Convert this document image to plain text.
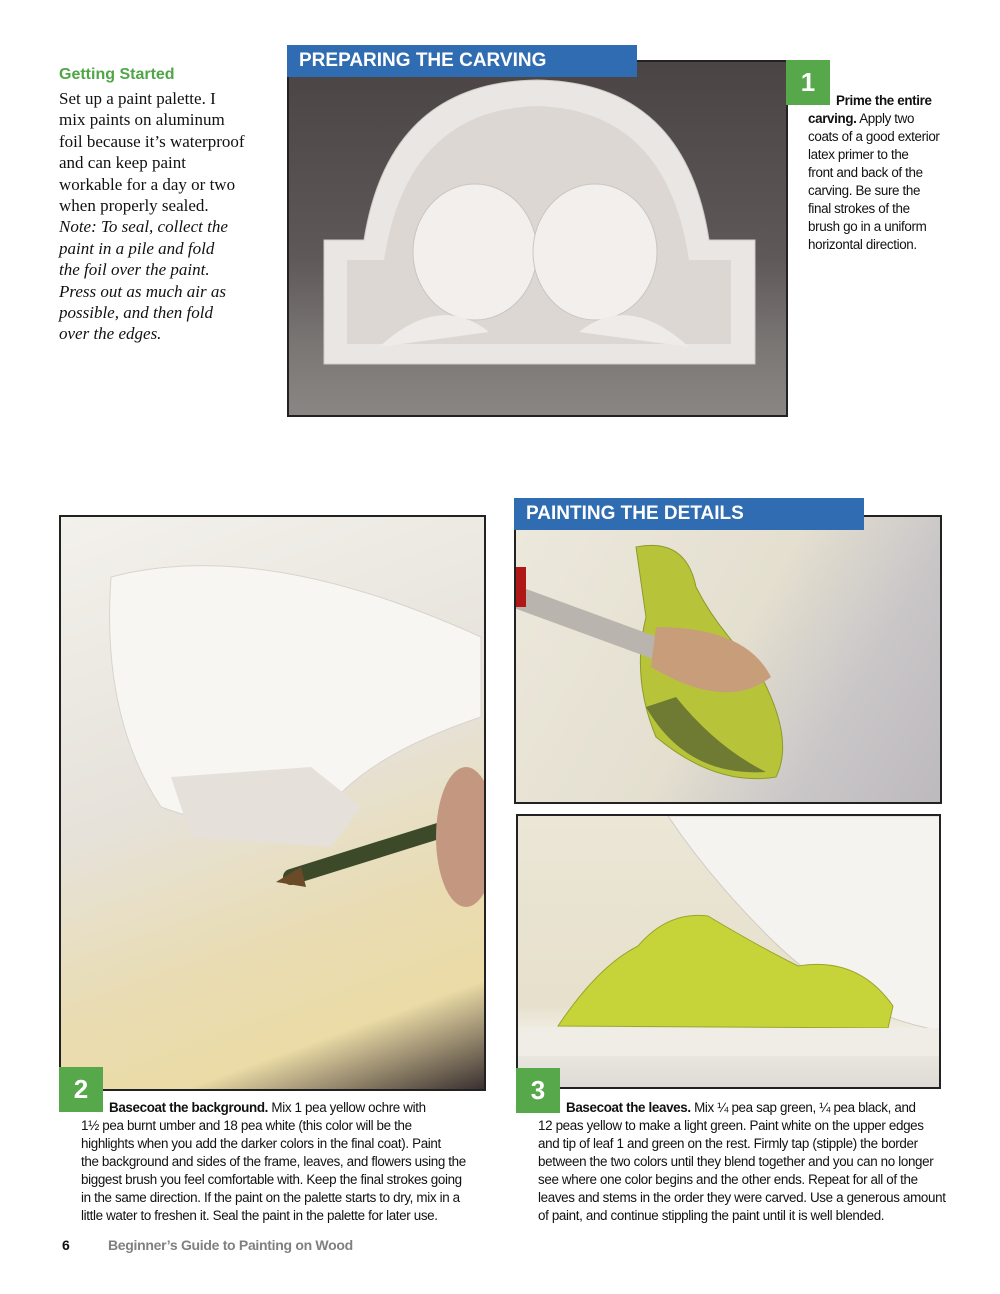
Getting Started
Set up a paint palette. I
mix paints on aluminum
foil because it’s waterproof
and can keep paint
workable for a day or two
when properly sealed.
Note: To seal, collect the
paint in a pile and fold
the foil over the paint.
Press out as much air as
possible, and then fold
over the edges.
PREPARING THE CARVING
1
Prime the entire
carving. Apply two
coats of a good exterior
latex primer to the
front and back of the
carving. Be sure the
final strokes of the
brush go in a uniform
horizontal direction.
2
Basecoat the background. Mix 1 pea yellow ochre with
1½ pea burnt umber and 18 pea white (this color will be the
highlights when you add the darker colors in the final coat). Paint
the background and sides of the frame, leaves, and flowers using the
biggest brush you feel comfortable with. Keep the final strokes going
in the same direction. If the paint on the palette starts to dry, mix in a
little water to freshen it. Seal the paint in the palette for later use.
PAINTING THE DETAILS
3
Basecoat the leaves. Mix ¼ pea sap green, ¼ pea black, and
12 peas yellow to make a light green. Paint white on the upper edges
and tip of leaf 1 and green on the rest. Firmly tap (stipple) the border
between the two colors until they blend together and you can no longer
see where one color begins and the other ends. Repeat for all of the
leaves and stems in the order they were carved. Use a generous amount
of paint, and continue stippling the paint until it is well blended.
6	Beginner’s Guide to Painting on Wood
